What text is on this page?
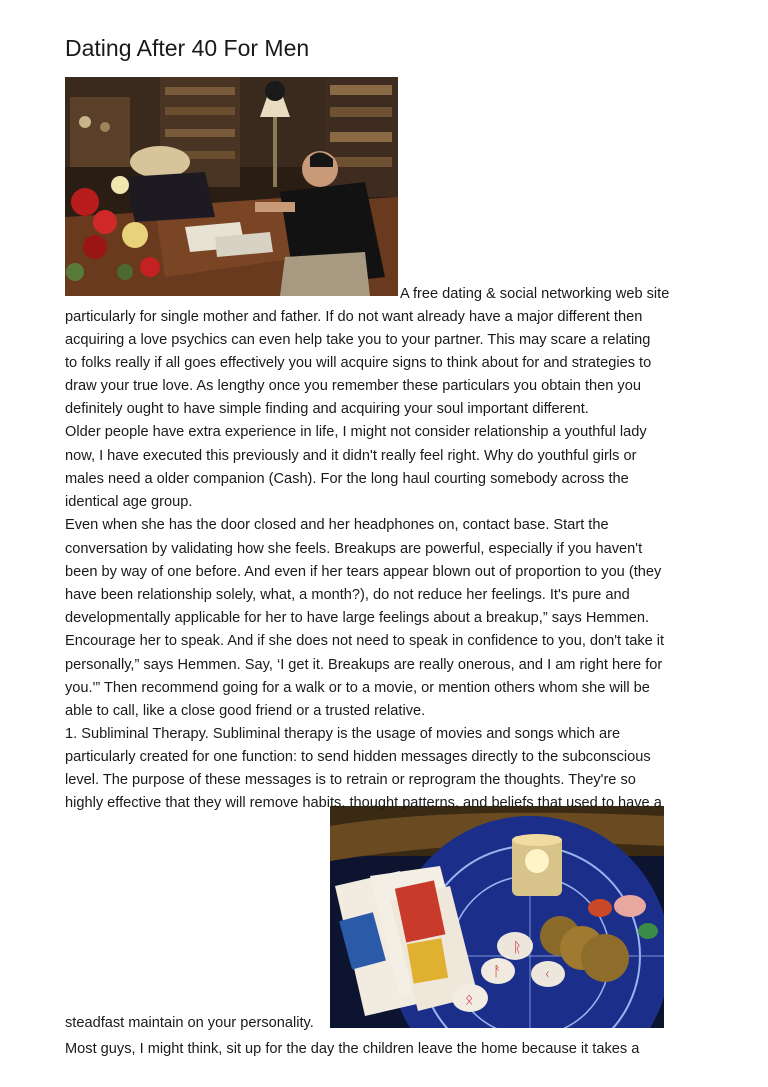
Dating After 40 For Men
ᚱ
ᚨ	ᚲ
ᛟ
A free dating & social networking web site
particularly for single mother and father. If do not want already have a major different then
acquiring a love psychics can even help take you to your partner. This may scare a relating
to folks really if all goes effectively you will acquire signs to think about for and strategies to
draw your true love. As lengthy once you remember these particulars you obtain then you
definitely ought to have simple finding and acquiring your soul important different.
Older people have extra experience in life, I might not consider relationship a youthful lady
now, I have executed this previously and it didn't really feel right. Why do youthful girls or
males need a older companion (Cash). For the long haul courting somebody across the
identical age group.
Even when she has the door closed and her headphones on, contact base. Start the
conversation by validating how she feels. Breakups are powerful, especially if you haven't
been by way of one before. And even if her tears appear blown out of proportion to you (they
have been relationship solely, what, a month?), do not reduce her feelings. It's pure and
developmentally applicable for her to have large feelings about a breakup,” says Hemmen.
Encourage her to speak. And if she does not need to speak in confidence to you, don't take it
personally,” says Hemmen. Say, ‘I get it. Breakups are really onerous, and I am right here for
you.'” Then recommend going for a walk or to a movie, or mention others whom she will be
able to call, like a close good friend or a trusted relative.
1. Subliminal Therapy. Subliminal therapy is the usage of movies and songs which are
particularly created for one function: to send hidden messages directly to the subconscious
level. The purpose of these messages is to retrain or reprogram the thoughts. They're so
highly effective that they will remove habits, thought patterns, and beliefs that used to have a
steadfast maintain on your personality.
Most guys, I might think, sit up for the day the children leave the home because it takes a
